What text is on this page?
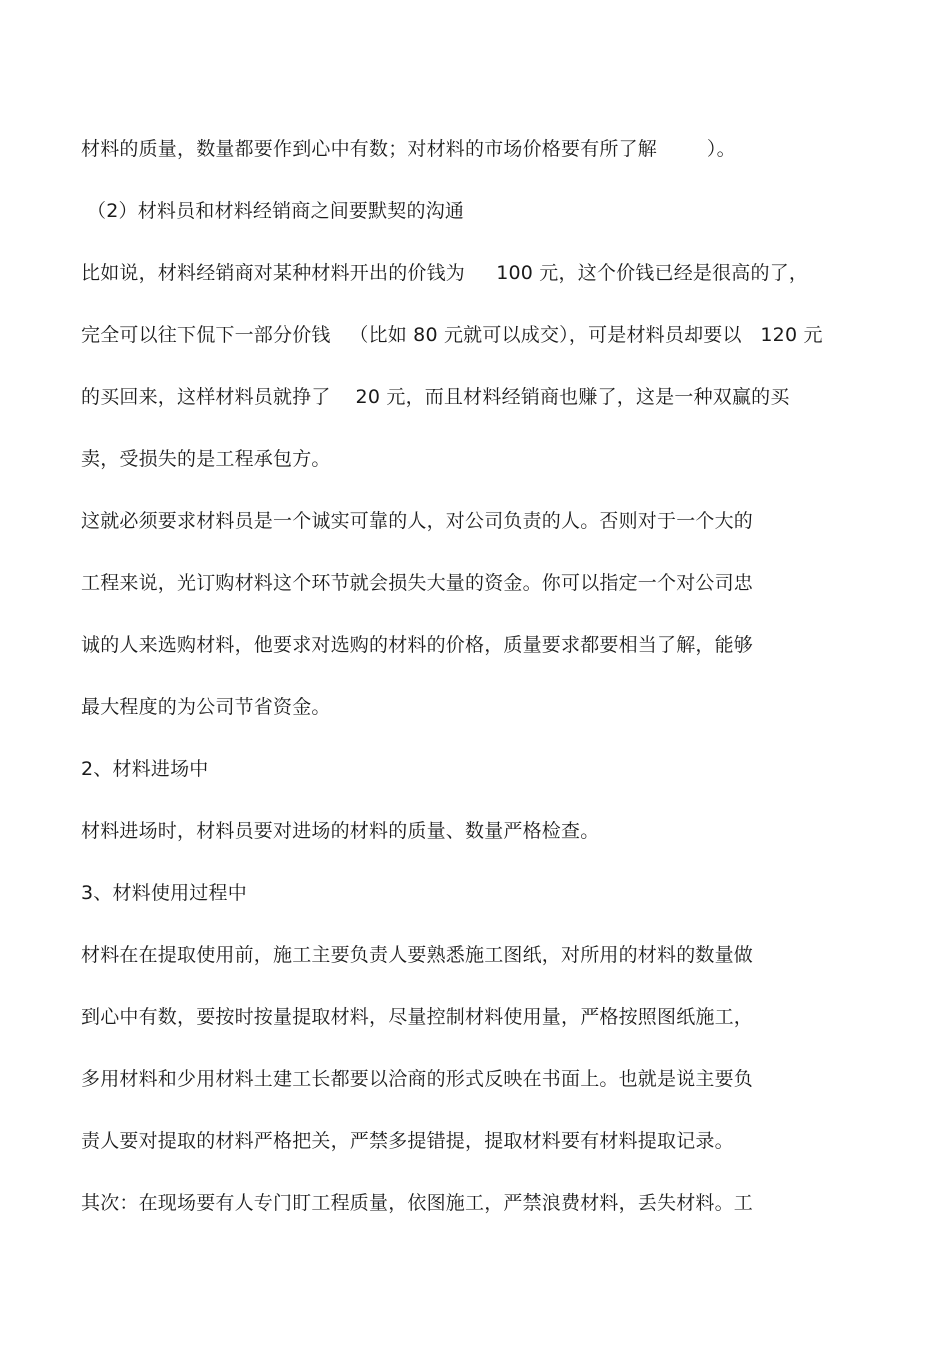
材料的质量，数量都要作到心中有数；对材料的市场价格要有所了解        ）。
（2）材料员和材料经销商之间要默契的沟通
比如说，材料经销商对某种材料开出的价钱为     100 元，这个价钱已经是很高的了，
完全可以往下侃下一部分价钱   （比如 80 元就可以成交），可是材料员却要以   120 元
的买回来，这样材料员就挣了    20 元，而且材料经销商也赚了，这是一种双赢的买
卖，受损失的是工程承包方。
这就必须要求材料员是一个诚实可靠的人，对公司负责的人。否则对于一个大的
工程来说，光订购材料这个环节就会损失大量的资金。你可以指定一个对公司忠
诚的人来选购材料，他要求对选购的材料的价格，质量要求都要相当了解，能够
最大程度的为公司节省资金。
2、材料进场中
材料进场时，材料员要对进场的材料的质量、数量严格检查。
3、材料使用过程中
材料在在提取使用前，施工主要负责人要熟悉施工图纸，对所用的材料的数量做
到心中有数，要按时按量提取材料，尽量控制材料使用量，严格按照图纸施工，
多用材料和少用材料土建工长都要以洽商的形式反映在书面上。也就是说主要负
责人要对提取的材料严格把关，严禁多提错提，提取材料要有材料提取记录。
其次：在现场要有人专门盯工程质量，依图施工，严禁浪费材料，丢失材料。工
